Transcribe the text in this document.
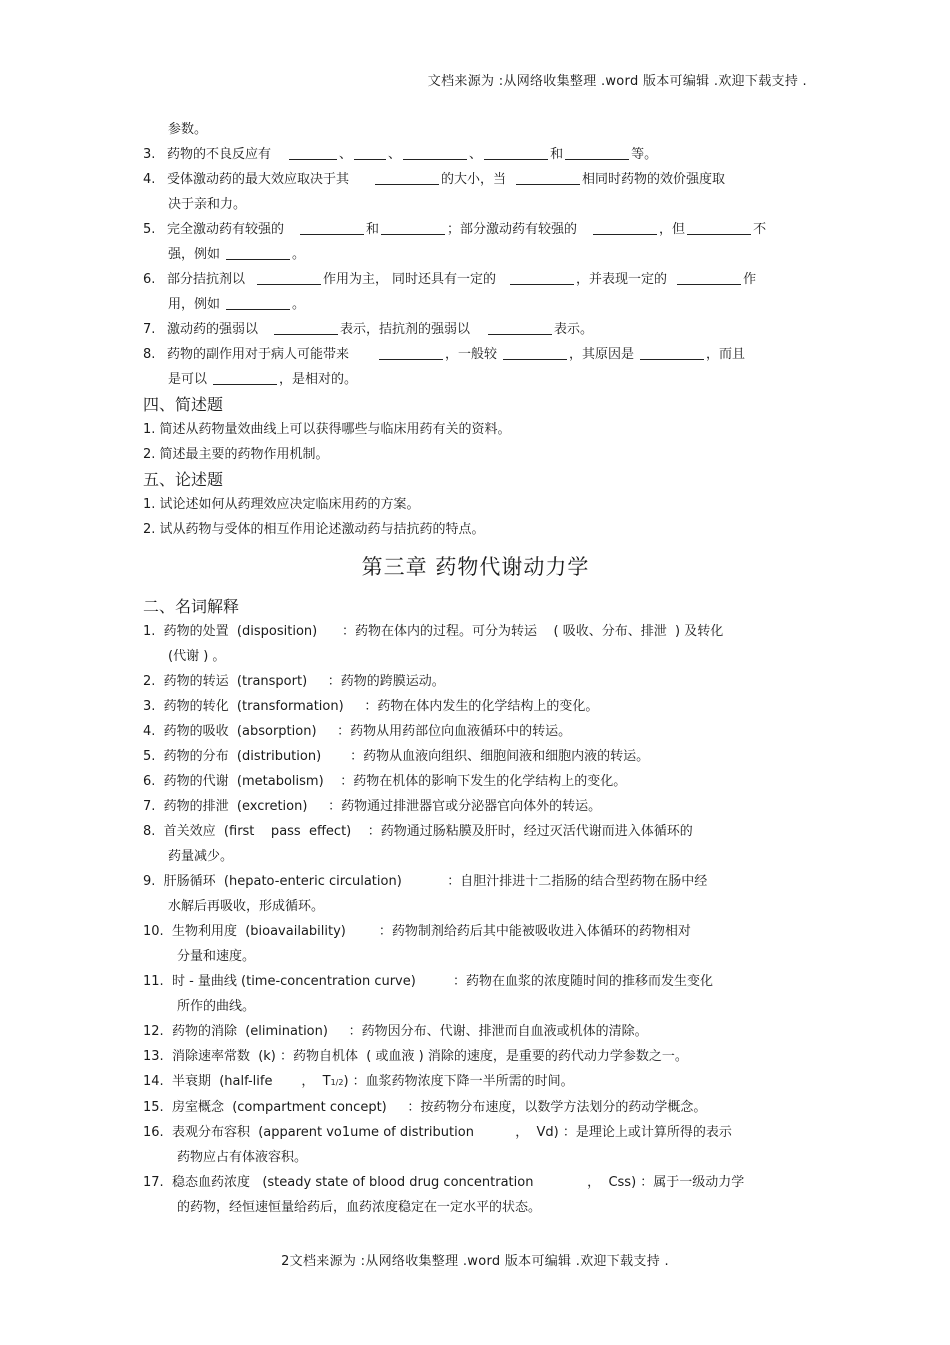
文档来源为 :从网络收集整理 .word 版本可编辑 .欢迎下载支持 .
参数。
3. 药物的不良反应有	、	、	、	和	等。
4. 受体激动药的最大效应取决于其	的大小，当	相同时药物的效价强度取
决于亲和力。
5. 完全激动药有较强的	和	；部分激动药有较强的	，但	不
强，例如	。
6. 部分拮抗剂以	作用为主， 同时还具有一定的	，并表现一定的	作
用，例如	。
7. 激动药的强弱以	表示，拮抗剂的强弱以	表示。
8. 药物的副作用对于病人可能带来	，一般较	，其原因是	，而且
是可以	，是相对的。
四、简述题
1. 简述从药物量效曲线上可以获得哪些与临床用药有关的资料。
2. 简述最主要的药物作用机制。
五、论述题
1. 试论述如何从药理效应决定临床用药的方案。
2. 试从药物与受体的相互作用论述激动药与拮抗药的特点。
第三章 药物代谢动力学
二、名词解释
1.  药物的处置  (disposition)      ：药物在体内的过程。可分为转运    ( 吸收、分布、排泄  ) 及转化
(代谢 ) 。
2.  药物的转运  (transport)     ：药物的跨膜运动。
3.  药物的转化  (transformation)     ：药物在体内发生的化学结构上的变化。
4.  药物的吸收  (absorption)     ：药物从用药部位向血液循环中的转运。
5.  药物的分布  (distribution)       ：药物从血液向组织、细胞间液和细胞内液的转运。
6.  药物的代谢  (metabolism)    ：药物在机体的影响下发生的化学结构上的变化。
7.  药物的排泄  (excretion)     ：药物通过排泄器官或分泌器官向体外的转运。
8.  首关效应  (first    pass  effect)    ：药物通过肠粘膜及肝时，经过灭活代谢而进入体循环的
药量减少。
9.  肝肠循环  (hepato-enteric circulation)           ：自胆汁排进十二指肠的结合型药物在肠中经
水解后再吸收，形成循环。
10.  生物利用度  (bioavailability)        ：药物制剂给药后其中能被吸收进入体循环的药物相对
分量和速度。
11.  时 - 量曲线 (time-concentration curve)         ：药物在血浆的浓度随时间的推移而发生变化
所作的曲线。
12.  药物的消除  (elimination)     ：药物因分布、代谢、排泄而自血液或机体的清除。
13.  消除速率常数  (k) ：药物自机体  ( 或血液 ) 消除的速度，是重要的药代动力学参数之一。
14.  半衰期  (half-life       ，  T1/2) ：血浆药物浓度下降一半所需的时间。
15.  房室概念  (compartment concept)     ：按药物分布速度，以数学方法划分的药动学概念。
16.  表观分布容积  (apparent vo1ume of distribution          ，  Vd) ：是理论上或计算所得的表示
药物应占有体液容积。
17.  稳态血药浓度   (steady state of blood drug concentration             ，  Css) ：属于一级动力学
的药物，经恒速恒量给药后，血药浓度稳定在一定水平的状态。
2文档来源为 :从网络收集整理 .word 版本可编辑 .欢迎下载支持 .
